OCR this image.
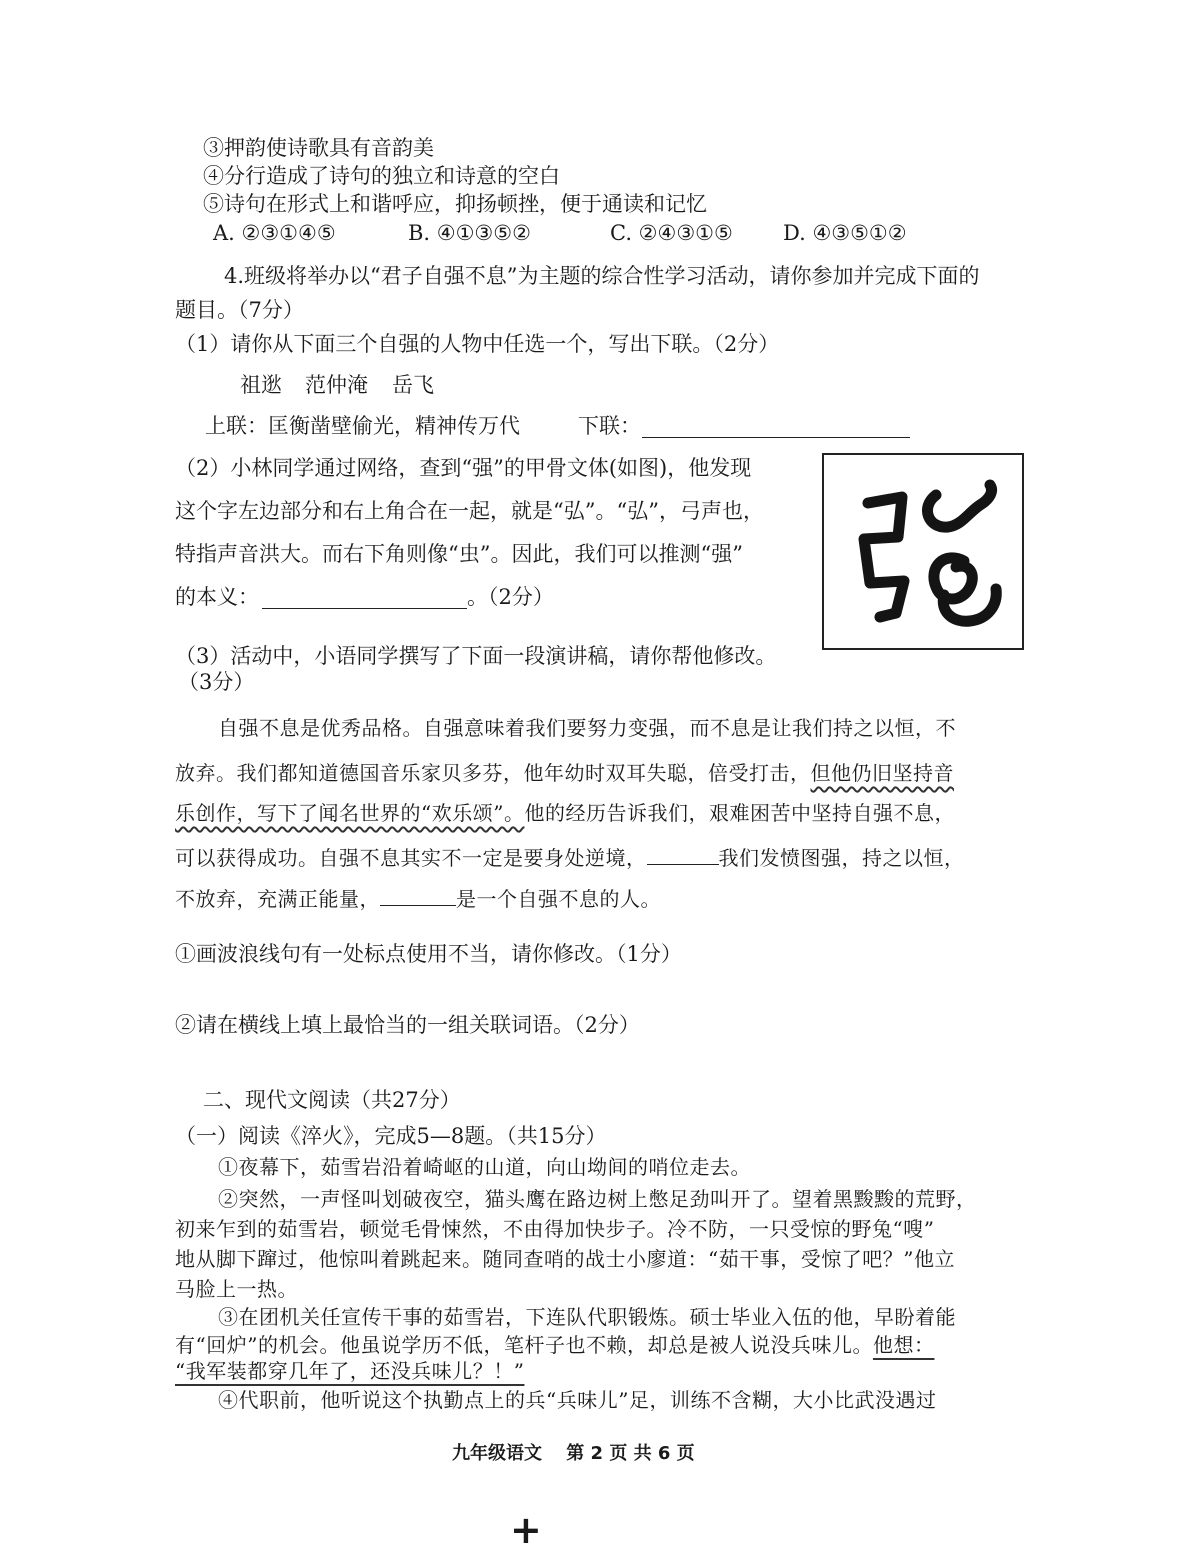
③押韵使诗歌具有音韵美
④分行造成了诗句的独立和诗意的空白
⑤诗句在形式上和谐呼应，抑扬顿挫，便于通读和记忆
A. ②③①④⑤	B. ④①③⑤②	C. ②④③①⑤ D. ④③⑤①②
4.班级将举办以“君子自强不息”为主题的综合性学习活动，请你参加并完成下面的
题目。（7分）
（1）请你从下面三个自强的人物中任选一个，写出下联。（2分）
祖逖 范仲淹 岳飞
上联：匡衡凿壁偷光，精神传万代	下联：
（2）小林同学通过网络，查到“强”的甲骨文体(如图)，他发现
这个字左边部分和右上角合在一起，就是“弘”。“弘”，弓声也，
特指声音洪大。而右下角则像“虫”。因此，我们可以推测“强”
的本义：	。（2分）
（3）活动中，小语同学撰写了下面一段演讲稿，请你帮他修改。
（3分）
自强不息是优秀品格。自强意味着我们要努力变强，而不息是让我们持之以恒，不
放弃。我们都知道德国音乐家贝多芬，他年幼时双耳失聪，倍受打击，但他仍旧坚持音
乐创作，写下了闻名世界的“欢乐颂”。他的经历告诉我们，艰难困苦中坚持自强不息，
可以获得成功。自强不息其实不一定是要身处逆境，	我们发愤图强，持之以恒，
不放弃，充满正能量，	是一个自强不息的人。
①画波浪线句有一处标点使用不当，请你修改。（1分）
②请在横线上填上最恰当的一组关联词语。（2分）
二、现代文阅读（共27分）
（一）阅读《淬火》，完成5—8题。（共15分）
①夜幕下，茹雪岩沿着崎岖的山道，向山坳间的哨位走去。
②突然，一声怪叫划破夜空，猫头鹰在路边树上憋足劲叫开了。望着黑黢黢的荒野，
初来乍到的茹雪岩，顿觉毛骨悚然，不由得加快步子。冷不防，一只受惊的野兔“嗖”
地从脚下蹿过，他惊叫着跳起来。随同查哨的战士小廖道：“茹干事，受惊了吧？”他立
马脸上一热。
③在团机关任宣传干事的茹雪岩，下连队代职锻炼。硕士毕业入伍的他，早盼着能
有“回炉”的机会。他虽说学历不低，笔杆子也不赖，却总是被人说没兵味儿。他想：
“我军装都穿几年了，还没兵味儿？！”
④代职前，他听说这个执勤点上的兵“兵味儿”足，训练不含糊，大小比武没遇过
九年级语文　 第 2 页 共 6 页
+
